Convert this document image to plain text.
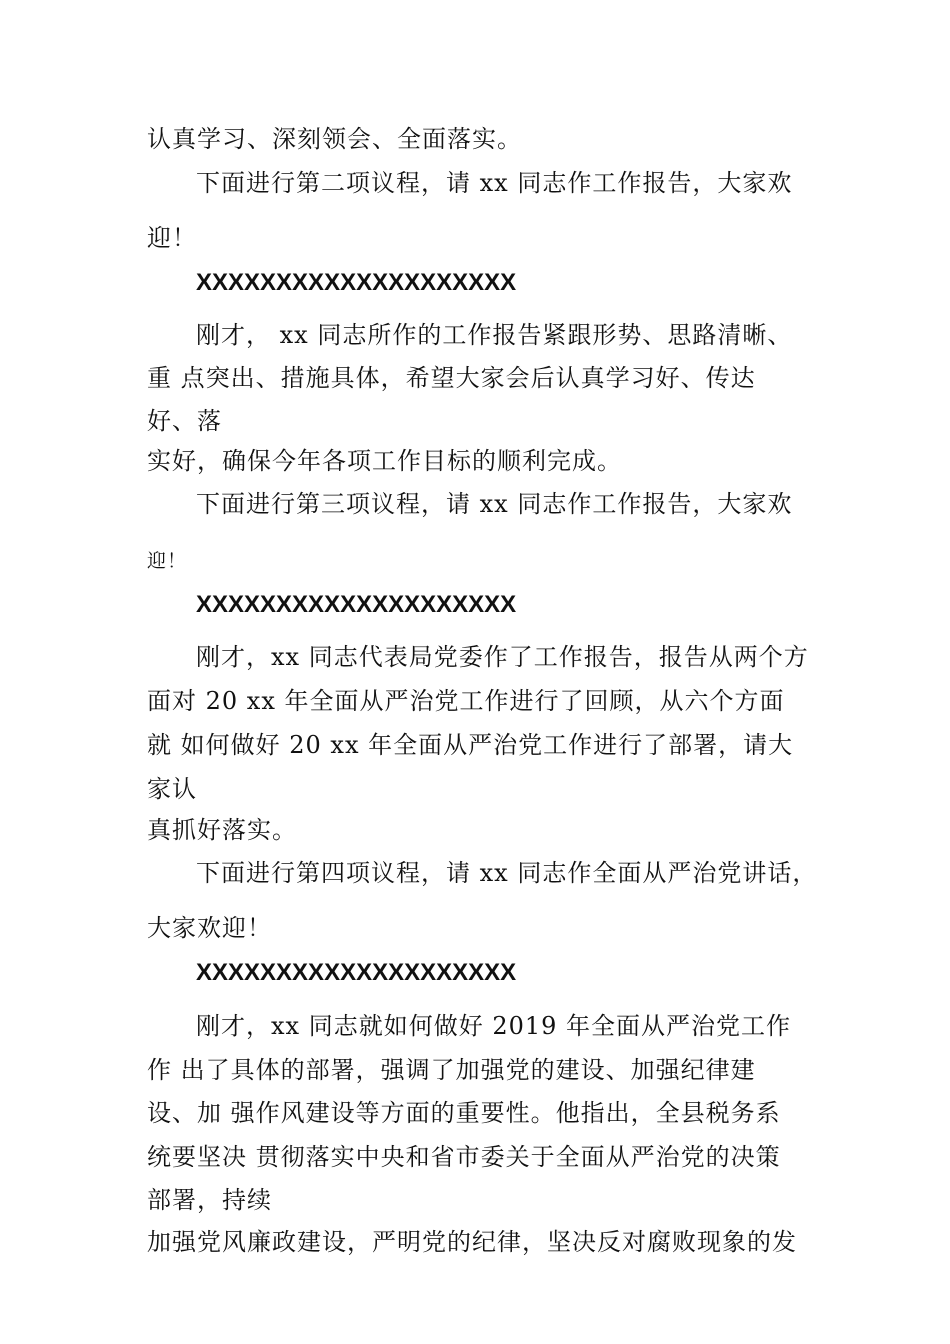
认真学习、深刻领会、全面落实。
下面进行第二项议程，请 xx 同志作工作报告，大家欢
迎！
XXXXXXXXXXXXXXXXXXXX
刚才， xx 同志所作的工作报告紧跟形势、思路清晰、
重 点突出、措施具体，希望大家会后认真学习好、传达
好、落
实好，确保今年各项工作目标的顺利完成。
下面进行第三项议程，请 xx 同志作工作报告，大家欢
迎！
XXXXXXXXXXXXXXXXXXXX
刚才，xx 同志代表局党委作了工作报告，报告从两个方
面对 20 xx 年全面从严治党工作进行了回顾，从六个方面
就 如何做好 20 xx 年全面从严治党工作进行了部署，请大
家认
真抓好落实。
下面进行第四项议程，请 xx 同志作全面从严治党讲话，
大家欢迎！
XXXXXXXXXXXXXXXXXXXX
刚才，xx 同志就如何做好 2019 年全面从严治党工作
作 出了具体的部署，强调了加强党的建设、加强纪律建
设、加 强作风建设等方面的重要性。他指出，全县税务系
统要坚决 贯彻落实中央和省市委关于全面从严治党的决策
部署，持续
加强党风廉政建设，严明党的纪律，坚决反对腐败现象的发
